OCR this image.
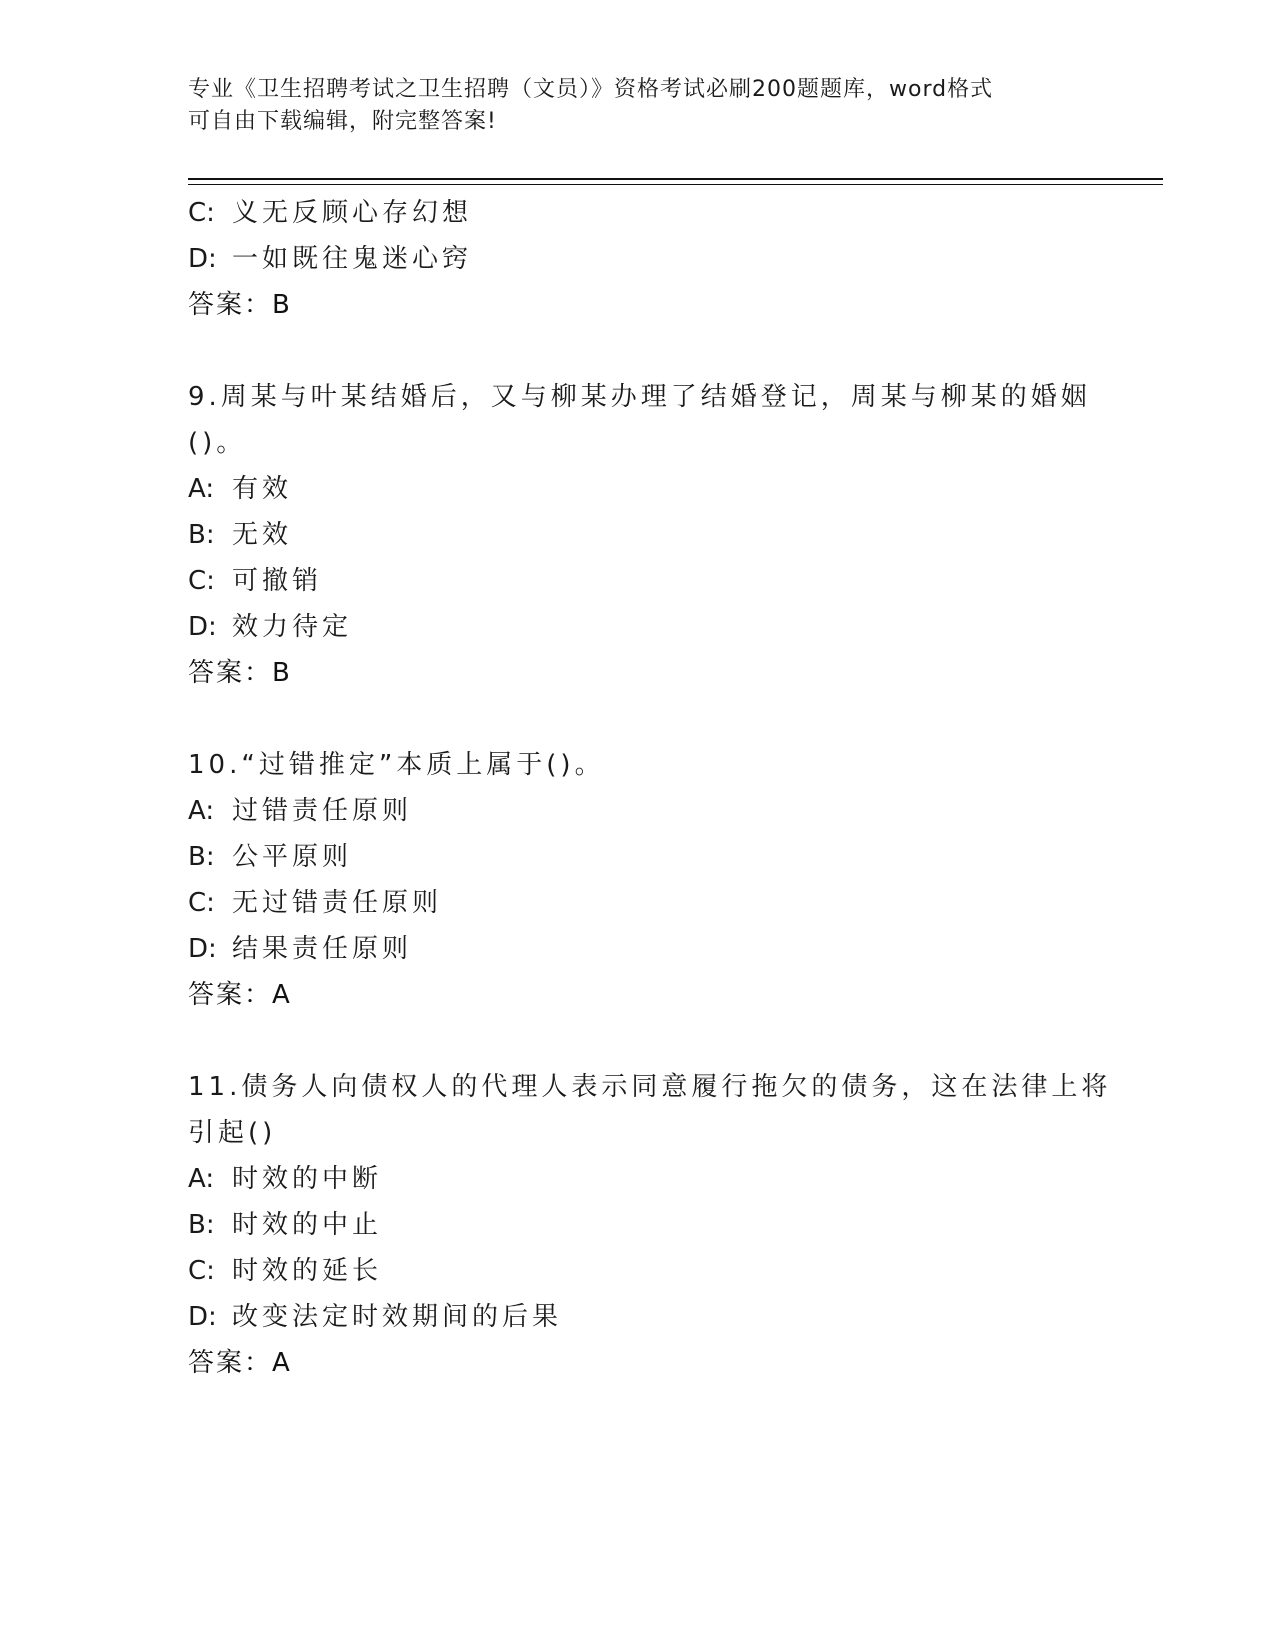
专业《卫生招聘考试之卫生招聘（文员）》资格考试必刷200题题库，word格式
可自由下载编辑，附完整答案!
C: 义无反顾心存幻想
D: 一如既往鬼迷心窍
答案：B
9.周某与叶某结婚后，又与柳某办理了结婚登记，周某与柳某的婚姻
()。
A: 有效
B: 无效
C: 可撤销
D: 效力待定
答案：B
10.“过错推定”本质上属于()。
A: 过错责任原则
B: 公平原则
C: 无过错责任原则
D: 结果责任原则
答案：A
11.债务人向债权人的代理人表示同意履行拖欠的债务，这在法律上将
引起()
A: 时效的中断
B: 时效的中止
C: 时效的延长
D: 改变法定时效期间的后果
答案：A
